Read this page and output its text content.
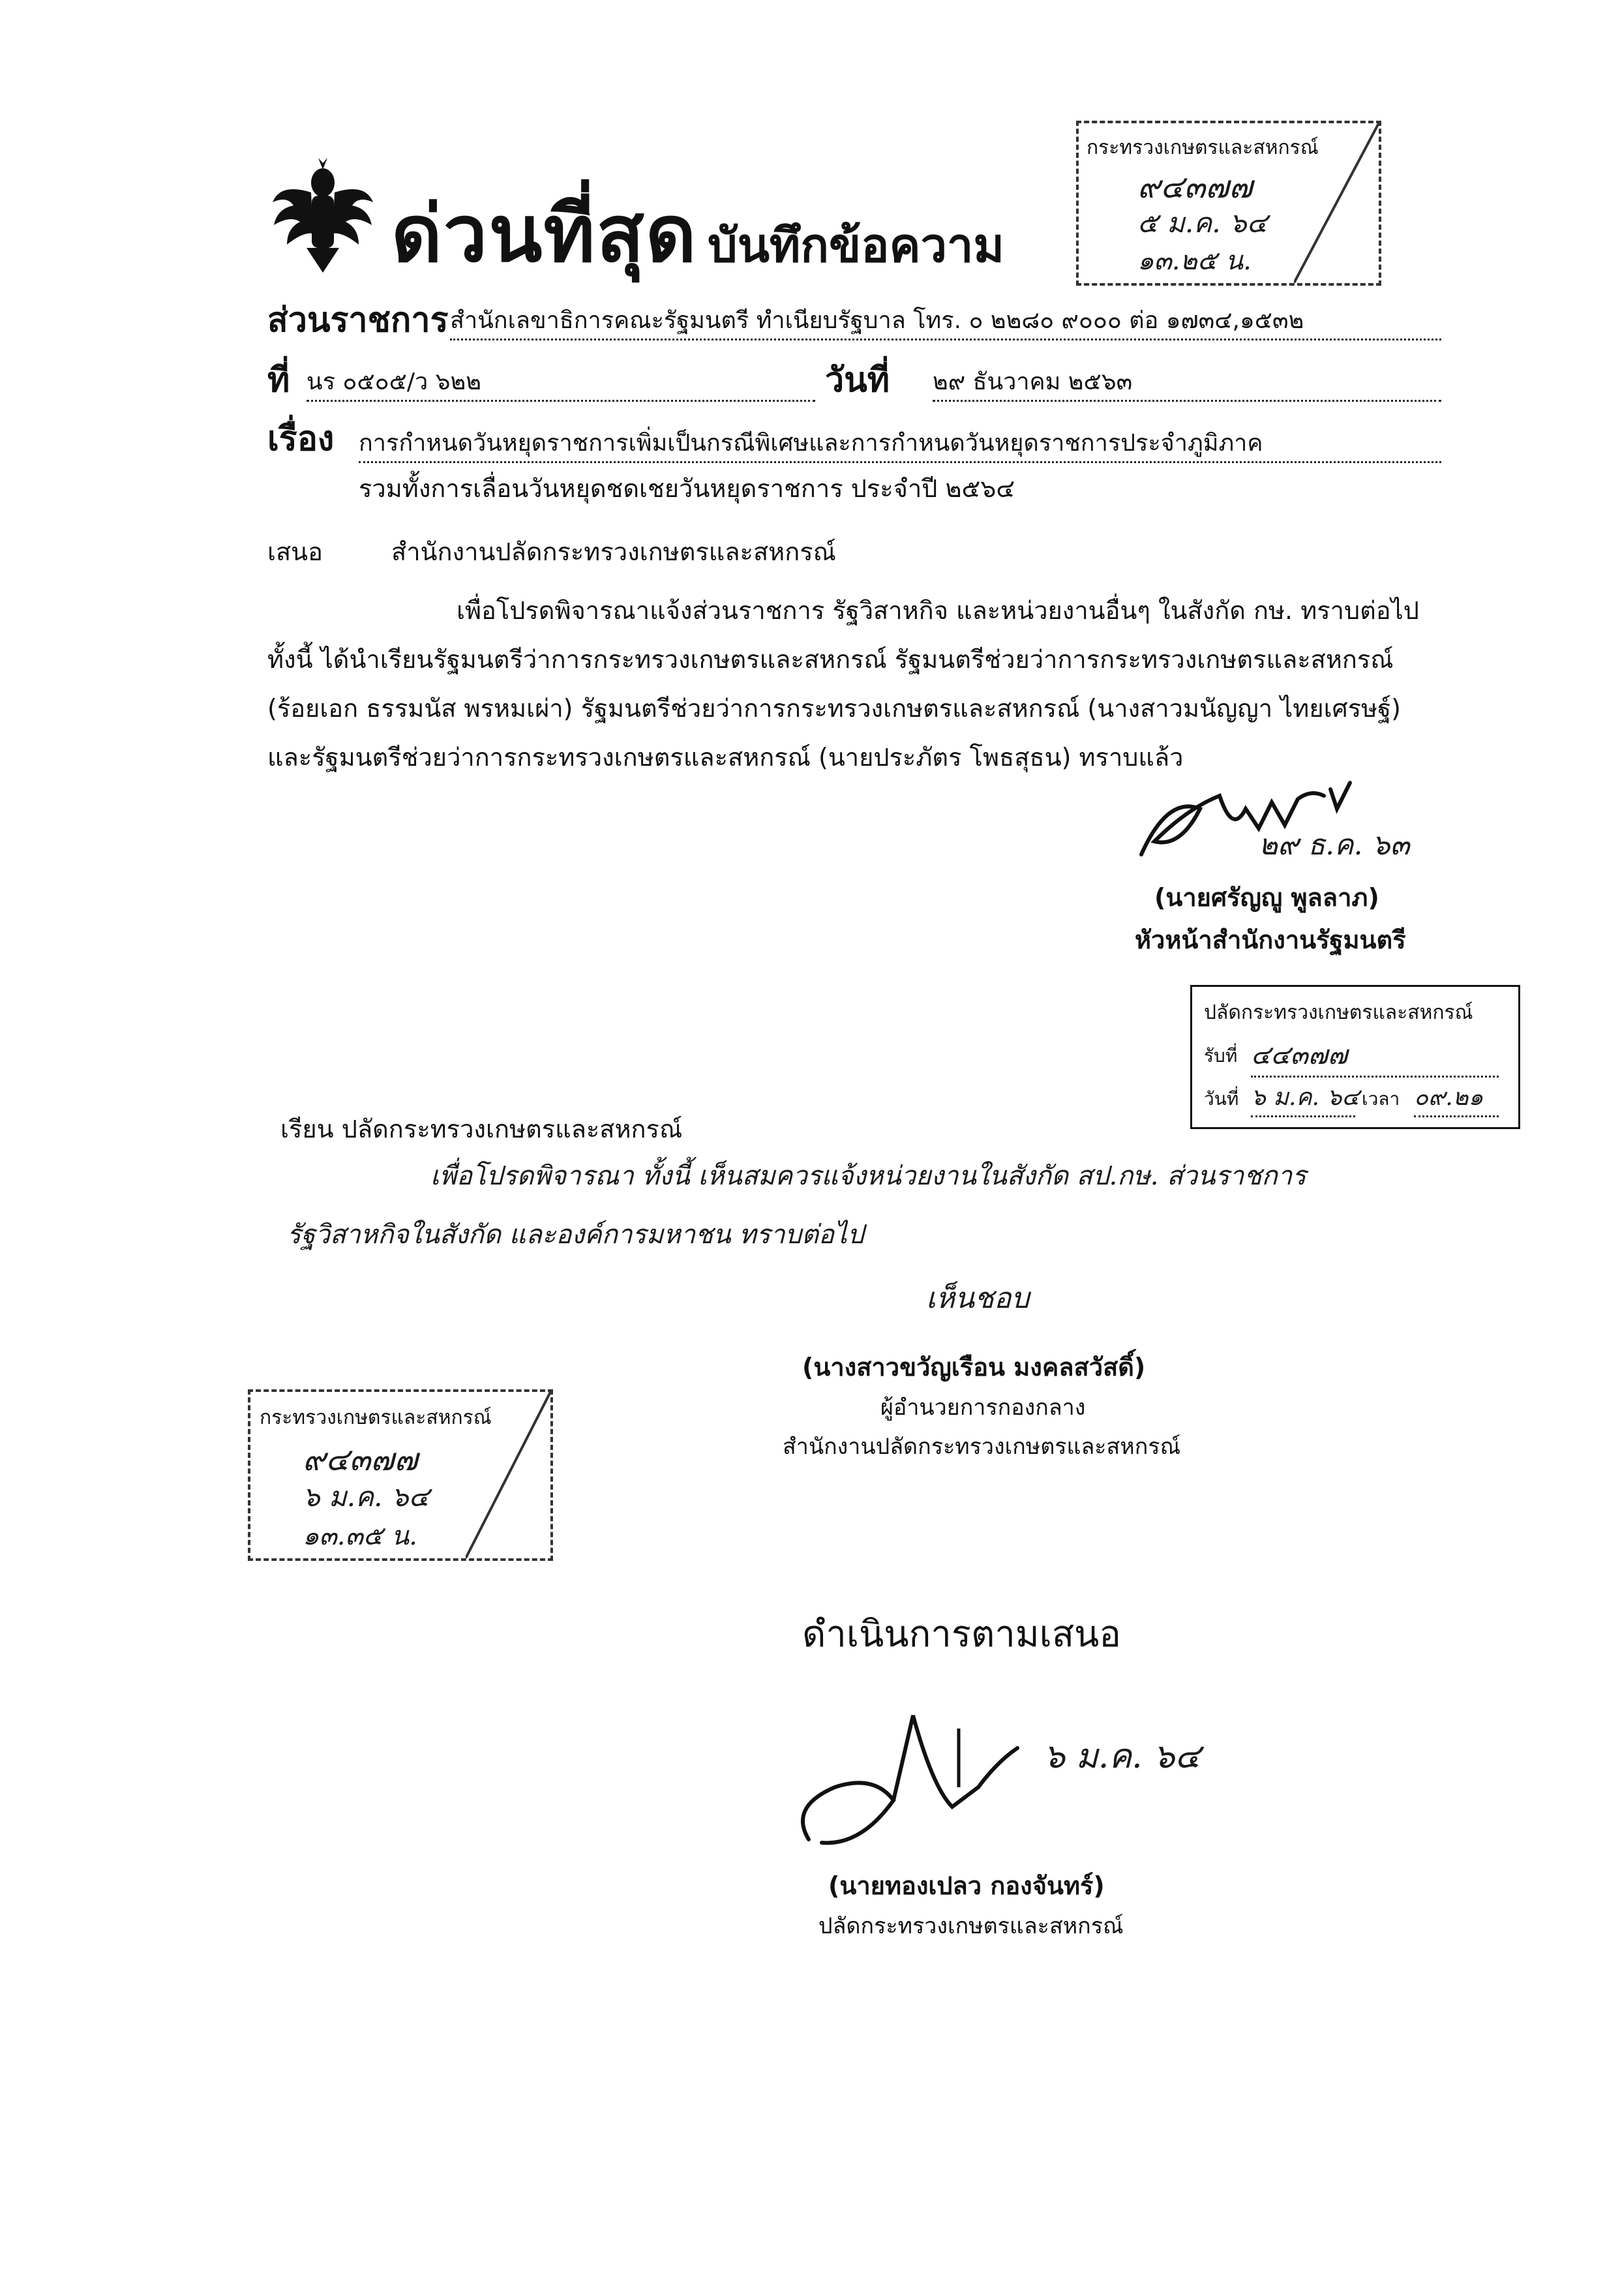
ด่วนที่สุด บันทึกข้อความ
กระทรวงเกษตรและสหกรณ์
๙๔๓๗๗
๕ ม.ค. ๖๔
๑๓.๒๕ น.
ส่วนราชการ สำนักเลขาธิการคณะรัฐมนตรี ทำเนียบรัฐบาล โทร. ๐ ๒๒๘๐ ๙๐๐๐ ต่อ ๑๗๓๔,๑๕๓๒
ที่ นร ๐๕๐๕/ว ๖๒๒	วันที่ ๒๙ ธันวาคม ๒๕๖๓
เรื่อง การกำหนดวันหยุดราชการเพิ่มเป็นกรณีพิเศษและการกำหนดวันหยุดราชการประจำภูมิภาค
รวมทั้งการเลื่อนวันหยุดชดเชยวันหยุดราชการ ประจำปี ๒๕๖๔
เสนอ	สำนักงานปลัดกระทรวงเกษตรและสหกรณ์
เพื่อโปรดพิจารณาแจ้งส่วนราชการ รัฐวิสาหกิจ และหน่วยงานอื่นๆ ในสังกัด กษ. ทราบต่อไป
ทั้งนี้ ได้นำเรียนรัฐมนตรีว่าการกระทรวงเกษตรและสหกรณ์ รัฐมนตรีช่วยว่าการกระทรวงเกษตรและสหกรณ์
(ร้อยเอก ธรรมนัส พรหมเผ่า) รัฐมนตรีช่วยว่าการกระทรวงเกษตรและสหกรณ์ (นางสาวมนัญญา ไทยเศรษฐ์)
และรัฐมนตรีช่วยว่าการกระทรวงเกษตรและสหกรณ์ (นายประภัตร โพธสุธน) ทราบแล้ว
๒๙ ธ.ค. ๖๓
(นายศรัญญู พูลลาภ)
หัวหน้าสำนักงานรัฐมนตรี
ปลัดกระทรวงเกษตรและสหกรณ์
รับที่ ๔๔๓๗๗
วันที่ ๖ ม.ค. ๖๔ เวลา ๐๙.๒๑
เรียน ปลัดกระทรวงเกษตรและสหกรณ์
เพื่อโปรดพิจารณา ทั้งนี้ เห็นสมควรแจ้งหน่วยงานในสังกัด สป.กษ. ส่วนราชการ
รัฐวิสาหกิจในสังกัด และองค์การมหาชน ทราบต่อไป
เห็นชอบ
(นางสาวขวัญเรือน มงคลสวัสดิ์)
ผู้อำนวยการกองกลาง
สำนักงานปลัดกระทรวงเกษตรและสหกรณ์
กระทรวงเกษตรและสหกรณ์
๙๔๓๗๗
๖ ม.ค. ๖๔
๑๓.๓๕ น.
ดำเนินการตามเสนอ
๖ ม.ค. ๖๔
(นายทองเปลว กองจันทร์)
ปลัดกระทรวงเกษตรและสหกรณ์
